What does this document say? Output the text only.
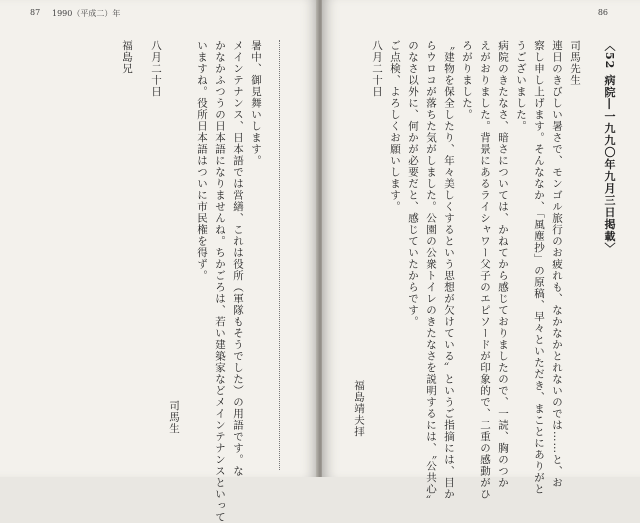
87 1990（平成二）年
暑中、御見舞いします。
メインテナンス、日本語では営繕、これは役所（軍隊もそうでした）の用語です。な
かなかふつうの日本語になりませんね。ちかごろは、若い建築家などメインテナンスといって
いますね。役所日本語はついに市民権を得ず。
八月二十日
司馬生
福島兄
86
〈52 病院―一九九〇年九月三日掲載〉
司馬先生
連日のきびしい暑さで、モンゴル旅行のお疲れも、なかなかとれないのでは……と、お
察し申し上げます。そんななか、「風塵抄」の原稿、早々といただき、まことにありがと
うございました。
病院のきたなさ、暗さについては、かねてから感じておりましたので、一読、胸のつか
えがおりました。背景にあるライシャワー父子のエピソードが印象的で、二重の感動がひ
ろがりました。
〝建物を保全したり、年々美しくするという思想が欠けている〟というご指摘には、目か
らウロコが落ちた気がしました。公園の公衆トイレのきたなさを説明するには、〝公共心〟
のなさ以外に、何かが必要だと、感じていたからです。
ご点検、よろしくお願いします。
八月二十日
福島靖夫拝
